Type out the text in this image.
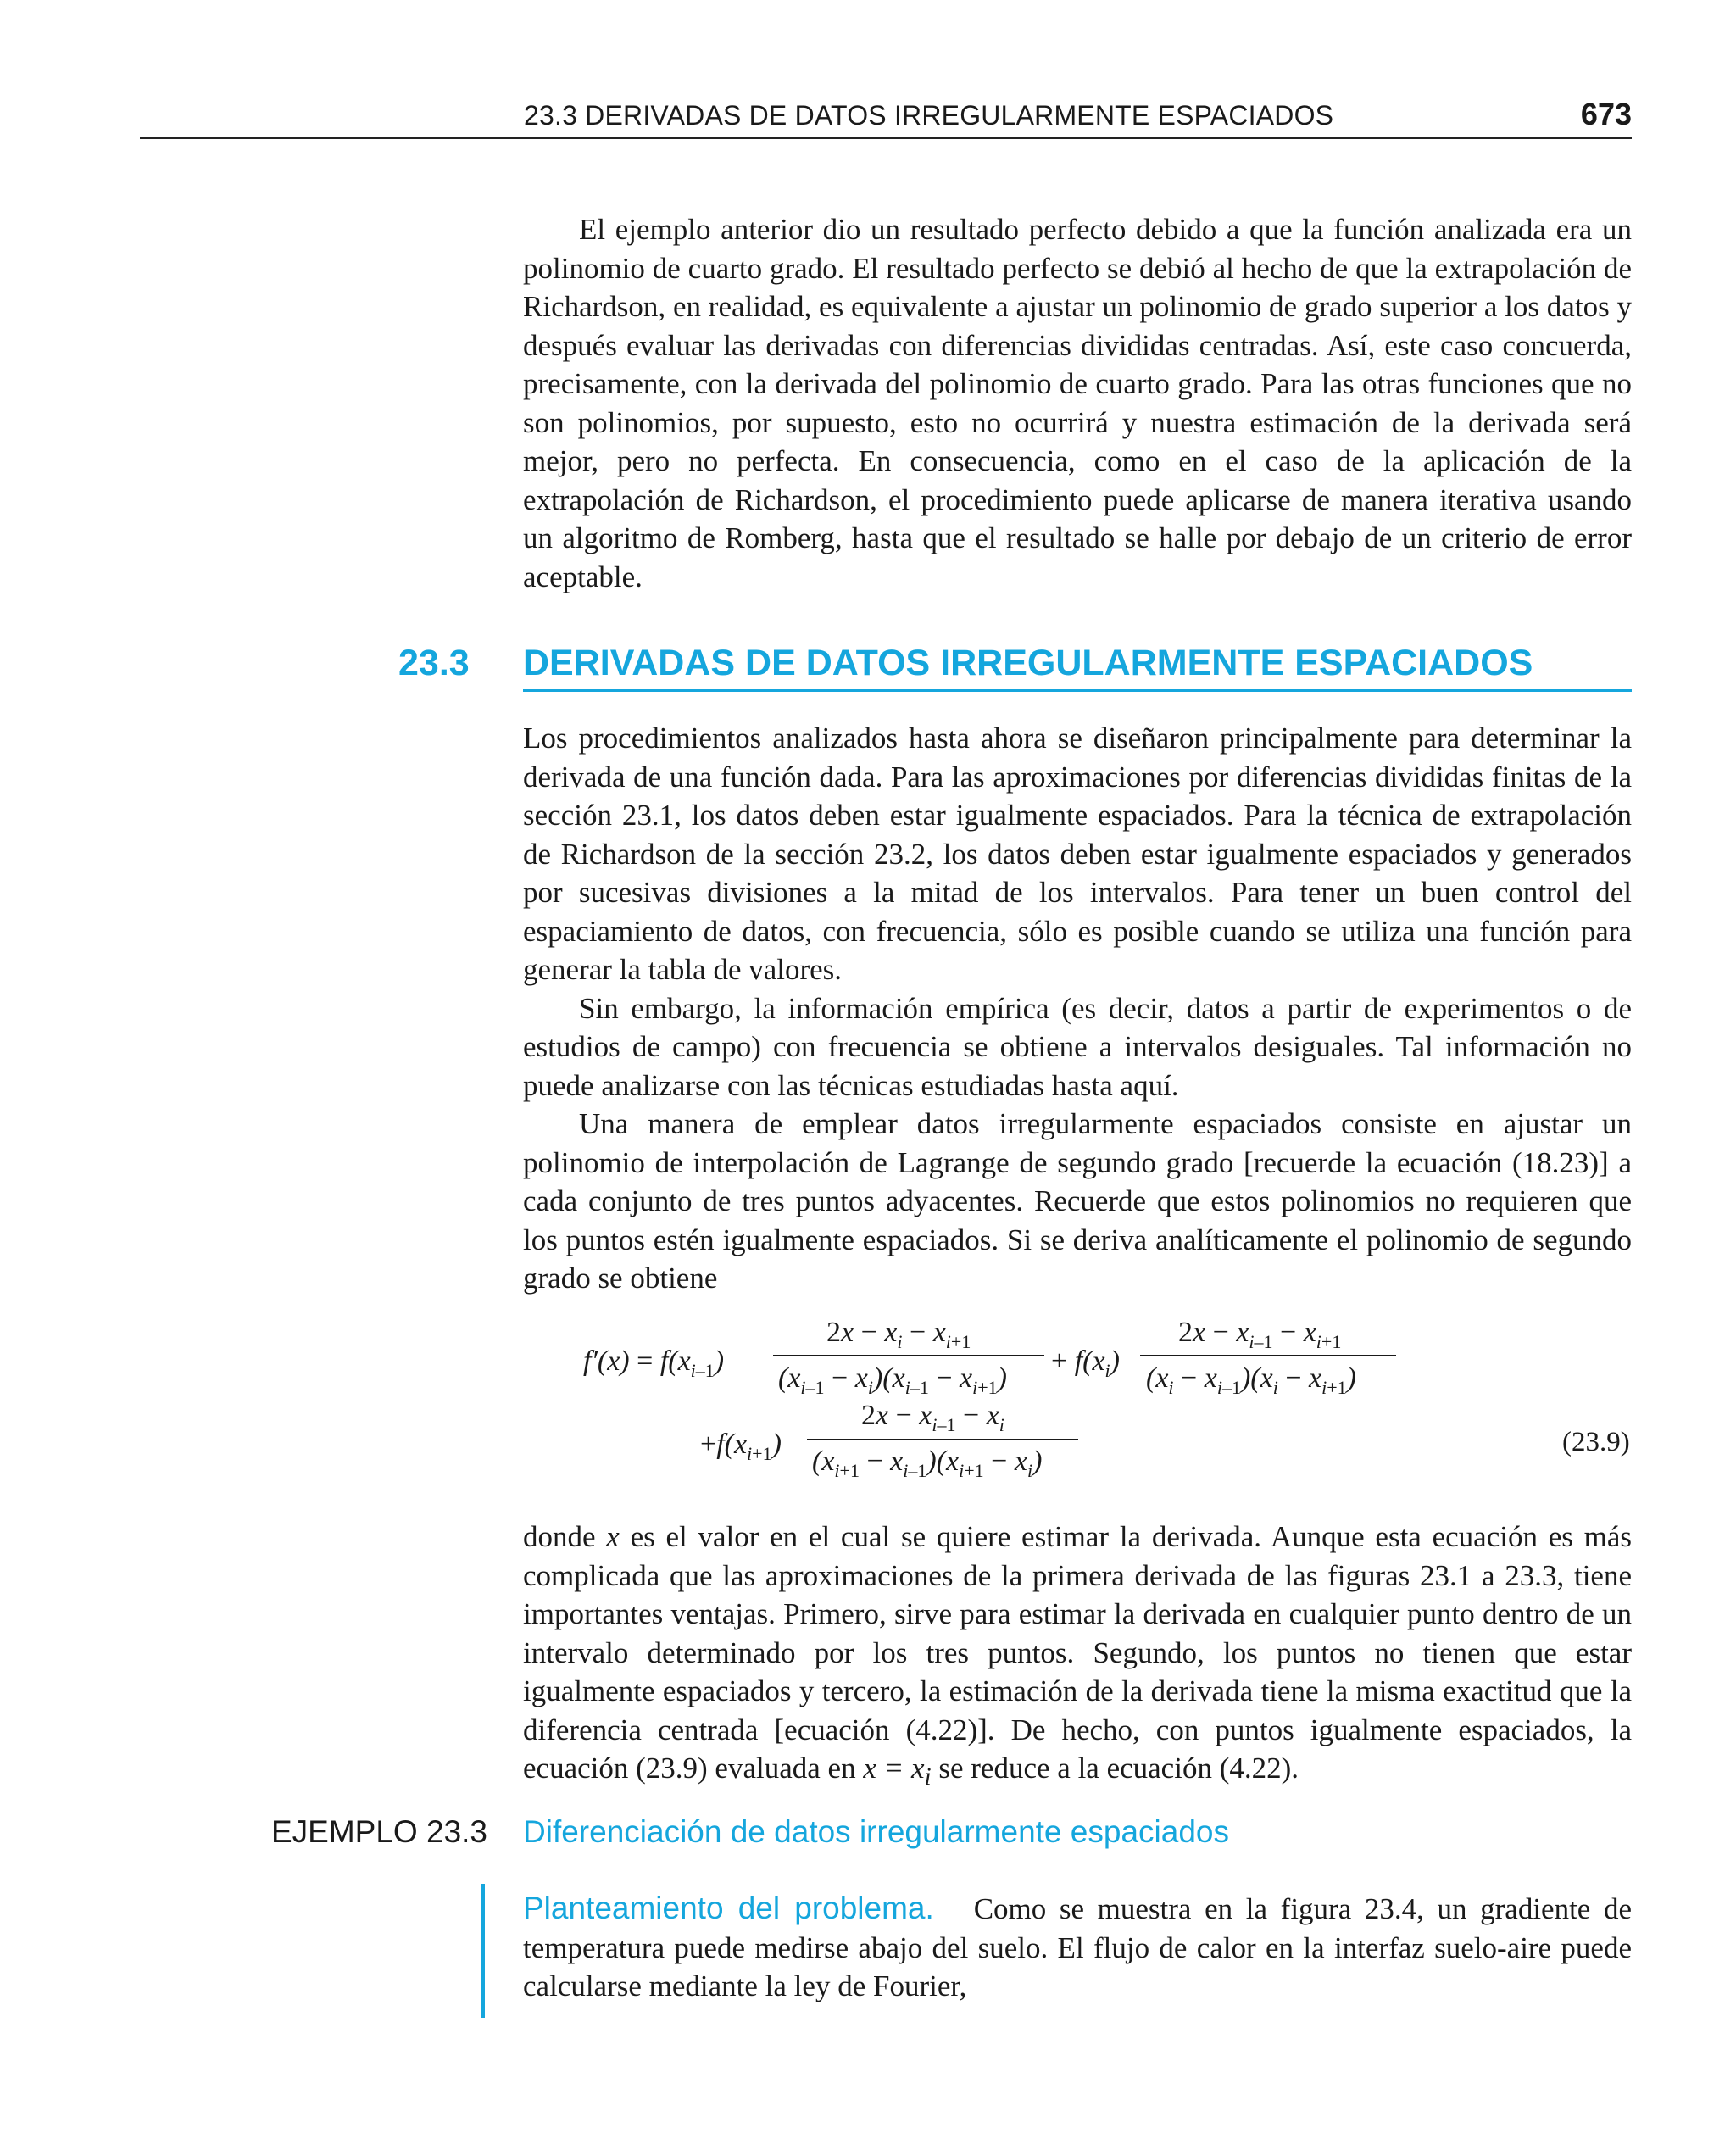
23.3 DERIVADAS DE DATOS IRREGULARMENTE ESPACIADOS	673

El ejemplo anterior dio un resultado perfecto debido a que la función analizada era un polinomio de cuarto grado. El resultado perfecto se debió al hecho de que la extrapolación de Richardson, en realidad, es equivalente a ajustar un polinomio de grado superior a los datos y después evaluar las derivadas con diferencias divididas centradas. Así, este caso concuerda, precisamente, con la derivada del polinomio de cuarto grado. Para las otras funciones que no son polinomios, por supuesto, esto no ocurrirá y nuestra estimación de la derivada será mejor, pero no perfecta. En consecuencia, como en el caso de la aplicación de la extrapolación de Richardson, el procedimiento puede aplicarse de manera iterativa usando un algoritmo de Romberg, hasta que el resultado se halle por debajo de un criterio de error aceptable.

23.3 DERIVADAS DE DATOS IRREGULARMENTE ESPACIADOS

Los procedimientos analizados hasta ahora se diseñaron principalmente para determinar la derivada de una función dada. Para las aproximaciones por diferencias divididas finitas de la sección 23.1, los datos deben estar igualmente espaciados. Para la técnica de extrapolación de Richardson de la sección 23.2, los datos deben estar igualmente espaciados y generados por sucesivas divisiones a la mitad de los intervalos. Para tener un buen control del espaciamiento de datos, con frecuencia, sólo es posible cuando se utiliza una función para generar la tabla de valores.

Sin embargo, la información empírica (es decir, datos a partir de experimentos o de estudios de campo) con frecuencia se obtiene a intervalos desiguales. Tal información no puede analizarse con las técnicas estudiadas hasta aquí.

Una manera de emplear datos irregularmente espaciados consiste en ajustar un polinomio de interpolación de Lagrange de segundo grado [recuerde la ecuación (18.23)] a cada conjunto de tres puntos adyacentes. Recuerde que estos polinomios no requieren que los puntos estén igualmente espaciados. Si se deriva analíticamente el polinomio de segundo grado se obtiene

$f'(x) = f(x_{i-1})$
$2x - x_i - x_{i+1}$
$(x_{i-1} - x_i)(x_{i-1} - x_{i+1})$
+ $f(x_i)$
$2x - x_{i-1} - x_{i+1}$
$(x_i - x_{i-1})(x_i - x_{i+1})$
$+f(x_{i+1})$
$2x - x_{i-1} - x_i$
$(x_{i+1} - x_{i-1})(x_{i+1} - x_i)$
(23.9)

donde x es el valor en el cual se quiere estimar la derivada. Aunque esta ecuación es más complicada que las aproximaciones de la primera derivada de las figuras 23.1 a 23.3, tiene importantes ventajas. Primero, sirve para estimar la derivada en cualquier punto dentro de un intervalo determinado por los tres puntos. Segundo, los puntos no tienen que estar igualmente espaciados y tercero, la estimación de la derivada tiene la misma exactitud que la diferencia centrada [ecuación (4.22)]. De hecho, con puntos igualmente espaciados, la ecuación (23.9) evaluada en $x = x_i$ se reduce a la ecuación (4.22).

EJEMPLO 23.3 Diferenciación de datos irregularmente espaciados

Planteamiento del problema. Como se muestra en la figura 23.4, un gradiente de temperatura puede medirse abajo del suelo. El flujo de calor en la interfaz suelo-aire puede calcularse mediante la ley de Fourier,
